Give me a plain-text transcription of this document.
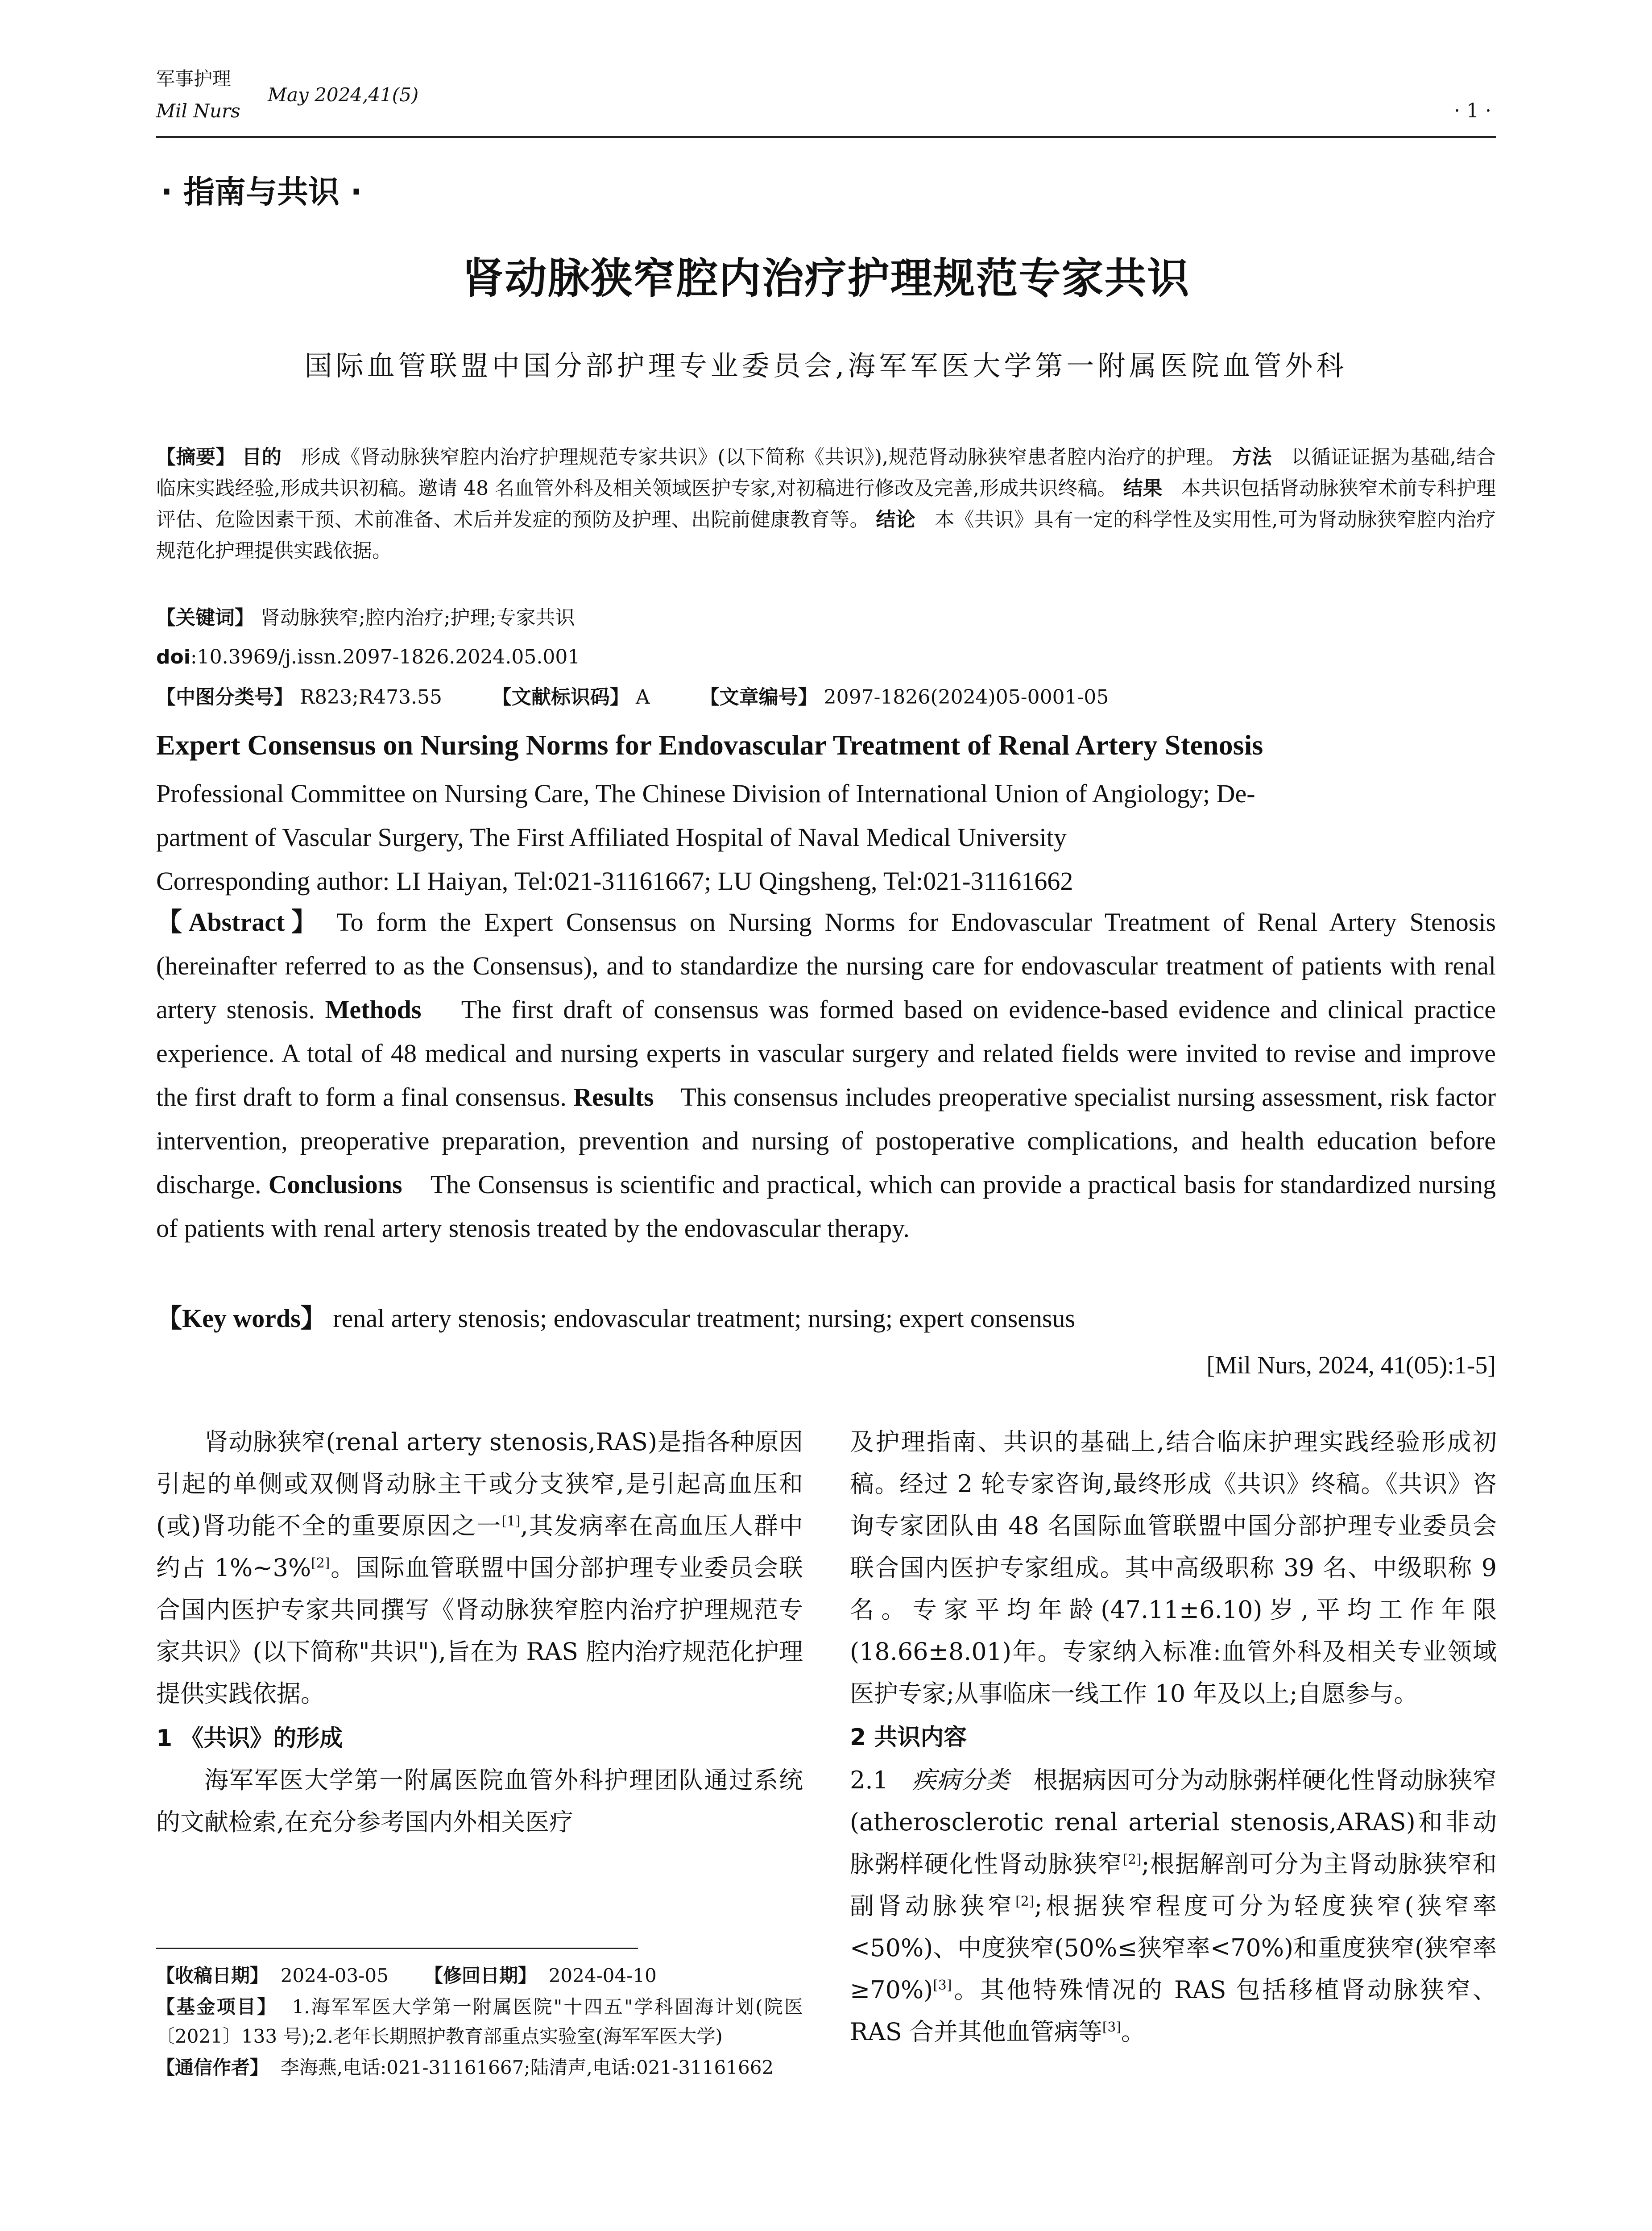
军事护理
Mil Nurs
May 2024,41(5)
· 1 ·
· 指南与共识 ·
肾动脉狭窄腔内治疗护理规范专家共识
国际血管联盟中国分部护理专业委员会,海军军医大学第一附属医院血管外科
【摘要】 目的 形成《肾动脉狭窄腔内治疗护理规范专家共识》(以下简称《共识》),规范肾动脉狭窄患者腔内治疗的护理。 方法 以循证证据为基础,结合临床实践经验,形成共识初稿。邀请 48 名血管外科及相关领域医护专家,对初稿进行修改及完善,形成共识终稿。 结果 本共识包括肾动脉狭窄术前专科护理评估、危险因素干预、术前准备、术后并发症的预防及护理、出院前健康教育等。 结论 本《共识》具有一定的科学性及实用性,可为肾动脉狭窄腔内治疗规范化护理提供实践依据。
【关键词】 肾动脉狭窄;腔内治疗;护理;专家共识
doi:10.3969/j.issn.2097-1826.2024.05.001
【中图分类号】 R823;R473.55	【文献标识码】 A	【文章编号】 2097-1826(2024)05-0001-05
Expert Consensus on Nursing Norms for Endovascular Treatment of Renal Artery Stenosis
Professional Committee on Nursing Care, The Chinese Division of International Union of Angiology; De-
partment of Vascular Surgery, The First Affiliated Hospital of Naval Medical University
Corresponding author: LI Haiyan, Tel:021-31161667; LU Qingsheng, Tel:021-31161662
【Abstract】 To form the Expert Consensus on Nursing Norms for Endovascular Treatment of Renal Artery Stenosis (hereinafter referred to as the Consensus), and to standardize the nursing care for endovascular treatment of patients with renal artery stenosis. Methods The first draft of consensus was formed based on evidence-based evidence and clinical practice experience. A total of 48 medical and nursing experts in vascular surgery and related fields were invited to revise and improve the first draft to form a final consensus. Results This consensus includes preoperative specialist nursing assessment, risk factor intervention, preoperative preparation, prevention and nursing of postoperative complications, and health education before discharge. Conclusions The Consensus is scientific and practical, which can provide a practical basis for standardized nursing of patients with renal artery stenosis treated by the endovascular therapy.
【Key words】 renal artery stenosis; endovascular treatment; nursing; expert consensus
[Mil Nurs, 2024, 41(05):1-5]

肾动脉狭窄(renal artery stenosis,RAS)是指各种原因引起的单侧或双侧肾动脉主干或分支狭窄,是引起高血压和(或)肾功能不全的重要原因之一[1],其发病率在高血压人群中约占 1%~3%[2]。国际血管联盟中国分部护理专业委员会联合国内医护专家共同撰写《肾动脉狭窄腔内治疗护理规范专家共识》(以下简称"共识"),旨在为 RAS 腔内治疗规范化护理提供实践依据。

1 《共识》的形成

海军军医大学第一附属医院血管外科护理团队通过系统的文献检索,在充分参考国内外相关医疗

【收稿日期】 2024-03-05 【修回日期】 2024-04-10

【基金项目】 1.海军军医大学第一附属医院"十四五"学科固海计划(院医〔2021〕133 号);2.老年长期照护教育部重点实验室(海军军医大学)

【通信作者】 李海燕,电话:021-31161667;陆清声,电话:021-31161662

及护理指南、共识的基础上,结合临床护理实践经验形成初稿。经过 2 轮专家咨询,最终形成《共识》终稿。《共识》咨询专家团队由 48 名国际血管联盟中国分部护理专业委员会联合国内医护专家组成。其中高级职称 39 名、中级职称 9 名。专家平均年龄(47.11±6.10)岁,平均工作年限(18.66±8.01)年。专家纳入标准:血管外科及相关专业领域医护专家;从事临床一线工作 10 年及以上;自愿参与。

2 共识内容

2.1 疾病分类 根据病因可分为动脉粥样硬化性肾动脉狭窄(atherosclerotic renal arterial stenosis,ARAS)和非动脉粥样硬化性肾动脉狭窄[2];根据解剖可分为主肾动脉狭窄和副肾动脉狭窄[2];根据狭窄程度可分为轻度狭窄(狭窄率<50%)、中度狭窄(50%≤狭窄率<70%)和重度狭窄(狭窄率≥70%)[3]。其他特殊情况的 RAS 包括移植肾动脉狭窄、RAS 合并其他血管病等[3]。
